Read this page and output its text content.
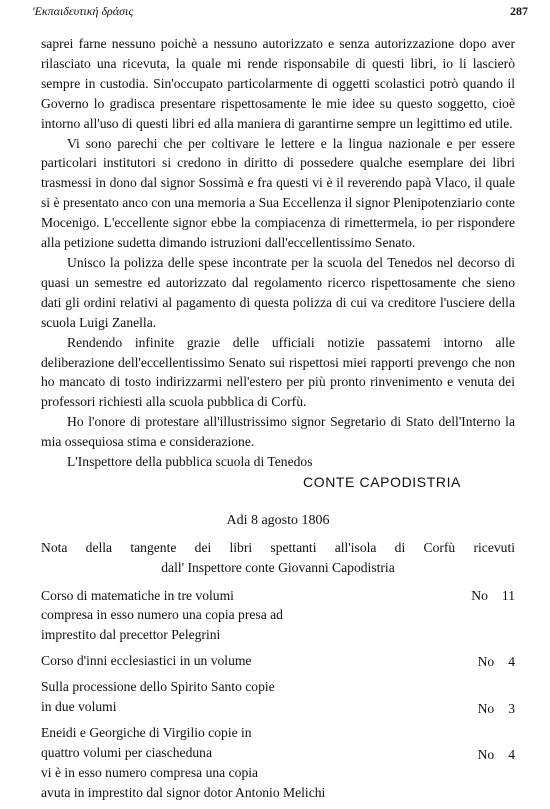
'Εκπαιδευτική δράσις	287

saprei farne nessuno poichè a nessuno autorizzato e senza autorizzazione dopo aver rilasciato una ricevuta, la quale mi rende risponsabile di questi libri, io li lascierò sempre in custodia. Sin'occupato particolarmente di oggetti scolastici potrò quando il Governo lo gradisca presentare rispettosamente le mie idee su questo soggetto, cioè intorno all'uso di questi libri ed alla maniera di garantirne sempre un legittimo ed utile.

Vi sono parechi che per coltivare le lettere e la lingua nazionale e per essere particolari institutori si credono in diritto di possedere qualche esemplare dei libri trasmessi in dono dal signor Sossimà e fra questi vi è il reverendo papà Vlaco, il quale si è presentato anco con una memoria a Sua Eccellenza il signor Plenipotenziario conte Mocenigo. L'eccellente signor ebbe la compiacenza di rimettermela, io per rispondere alla petizione sudetta dimando istruzioni dall'eccellentissimo Senato.

Unisco la polizza delle spese incontrate per la scuola del Tenedos nel decorso di quasi un semestre ed autorizzato dal regolamento ricercо rispettosamente che sieno dati gli ordini relativi al pagamento di questa polizza di cui va creditore l'usciere della scuola Luigi Zanella.

Rendendo infinite grazie delle ufficiali notizie passatemi intorno alle deliberazione dell'eccellentissimo Senato sui rispettosi miei rapporti prevengo che non ho mancato di tosto indirizzarmi nell'estero per più pronto rinvenimento e venuta dei professori richiesti alla scuola pubblica di Corfù.

Ho l'onore di protestare all'illustrissimo signor Segretario di Stato dell'Interno la mia ossequiosa stima e considerazione.

L'Inspettore della pubblica scuola di Tenedos

CONTE CAPODISTRIA
Adi 8 agosto 1806
Nota della tangente dei libri spettanti all'isola di Corfù ricevuti
dall' Inspettore conte Giovanni Capodistria
Corso di matematiche in tre volumi
compresa in esso numero una copia presa ad
imprestito dal precettor Pelegrini
No 11
Corso d'inni ecclesiastici in un volume	No 4
Sulla processione dello Spirito Santo copie
in due volumi	No 3
Eneidi e Georgiche di Virgilio copie in
quattro volumi per ciascheduna
vi è in esso numero compresa una copia
avuta in imprestito dal signor dotor Antonio Melichi
No 4
